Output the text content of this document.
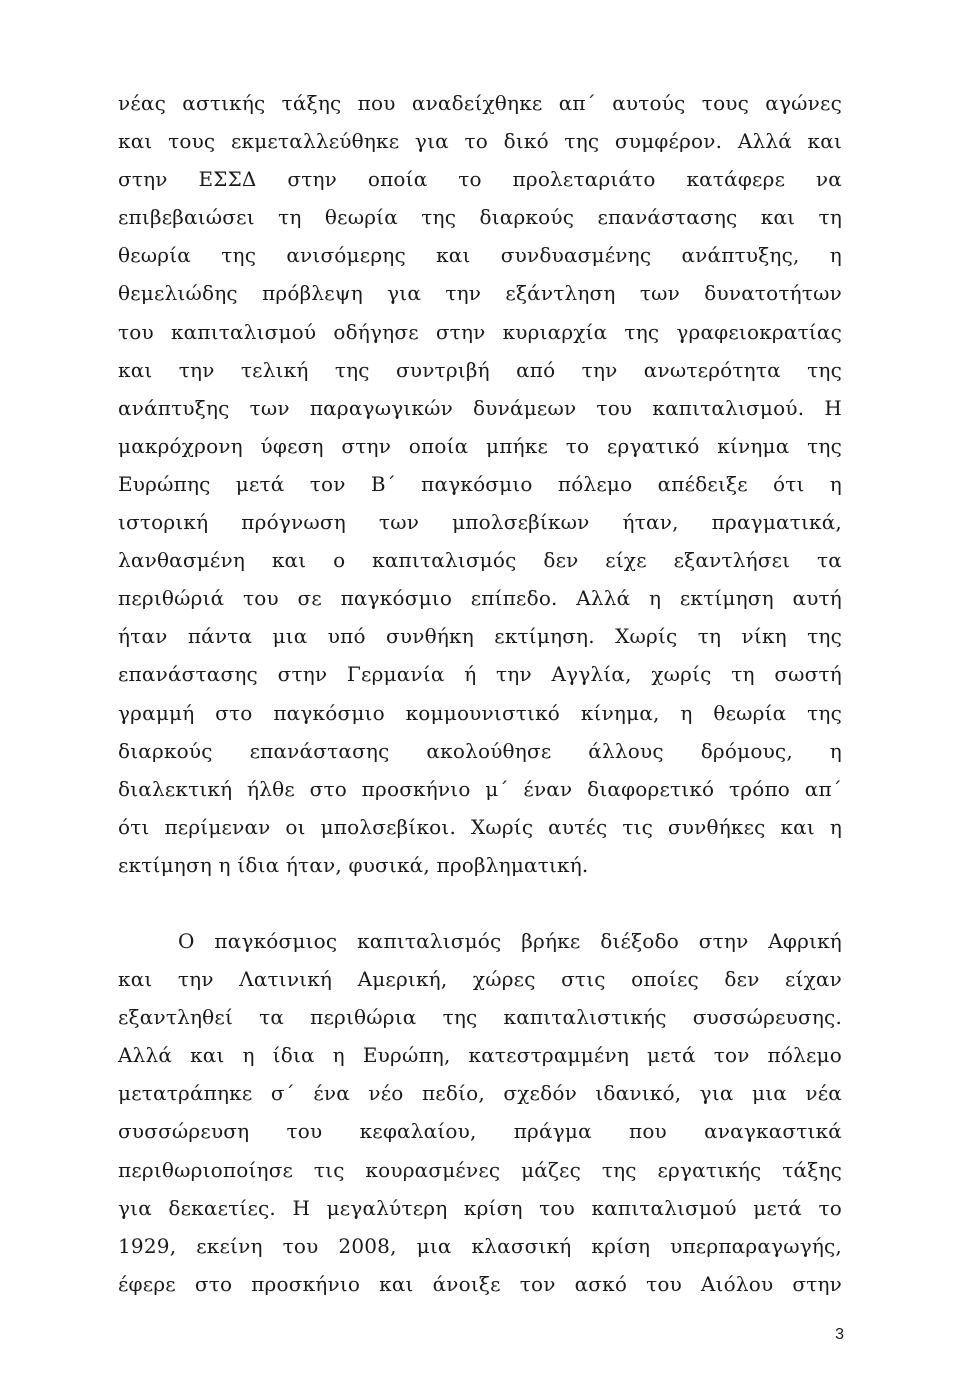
νέας αστικής τάξης που αναδείχθηκε απ΄ αυτούς τους αγώνες
και τους εκμεταλλεύθηκε για το δικό της συμφέρον. Αλλά και
στην ΕΣΣΔ στην οποία το προλεταριάτο κατάφερε να
επιβεβαιώσει τη θεωρία της διαρκούς επανάστασης και τη
θεωρία της ανισόμερης και συνδυασμένης ανάπτυξης, η
θεμελιώδης πρόβλεψη για την εξάντληση των δυνατοτήτων
του καπιταλισμού οδήγησε στην κυριαρχία της γραφειοκρατίας
και την τελική της συντριβή από την ανωτερότητα της
ανάπτυξης των παραγωγικών δυνάμεων του καπιταλισμού. Η
μακρόχρονη ύφεση στην οποία μπήκε το εργατικό κίνημα της
Ευρώπης μετά τον Β΄ παγκόσμιο πόλεμο απέδειξε ότι η
ιστορική πρόγνωση των μπολσεβίκων ήταν, πραγματικά,
λανθασμένη και ο καπιταλισμός δεν είχε εξαντλήσει τα
περιθώριά του σε παγκόσμιο επίπεδο. Αλλά η εκτίμηση αυτή
ήταν πάντα μια υπό συνθήκη εκτίμηση. Χωρίς τη νίκη της
επανάστασης στην Γερμανία ή την Αγγλία, χωρίς τη σωστή
γραμμή στο παγκόσμιο κομμουνιστικό κίνημα, η θεωρία της
διαρκούς επανάστασης ακολούθησε άλλους δρόμους, η
διαλεκτική ήλθε στο προσκήνιο μ΄ έναν διαφορετικό τρόπο απ΄
ότι περίμεναν οι μπολσεβίκοι. Χωρίς αυτές τις συνθήκες και η
εκτίμηση η ίδια ήταν, φυσικά, προβληματική.

Ο παγκόσμιος καπιταλισμός βρήκε διέξοδο στην Αφρική
και την Λατινική Αμερική, χώρες στις οποίες δεν είχαν
εξαντληθεί τα περιθώρια της καπιταλιστικής συσσώρευσης.
Αλλά και η ίδια η Ευρώπη, κατεστραμμένη μετά τον πόλεμο
μετατράπηκε σ΄ ένα νέο πεδίο, σχεδόν ιδανικό, για μια νέα
συσσώρευση του κεφαλαίου, πράγμα που αναγκαστικά
περιθωριοποίησε τις κουρασμένες μάζες της εργατικής τάξης
για δεκαετίες. Η μεγαλύτερη κρίση του καπιταλισμού μετά το
1929, εκείνη του 2008, μια κλασσική κρίση υπερπαραγωγής,
έφερε στο προσκήνιο και άνοιξε τον ασκό του Αιόλου στην

3
